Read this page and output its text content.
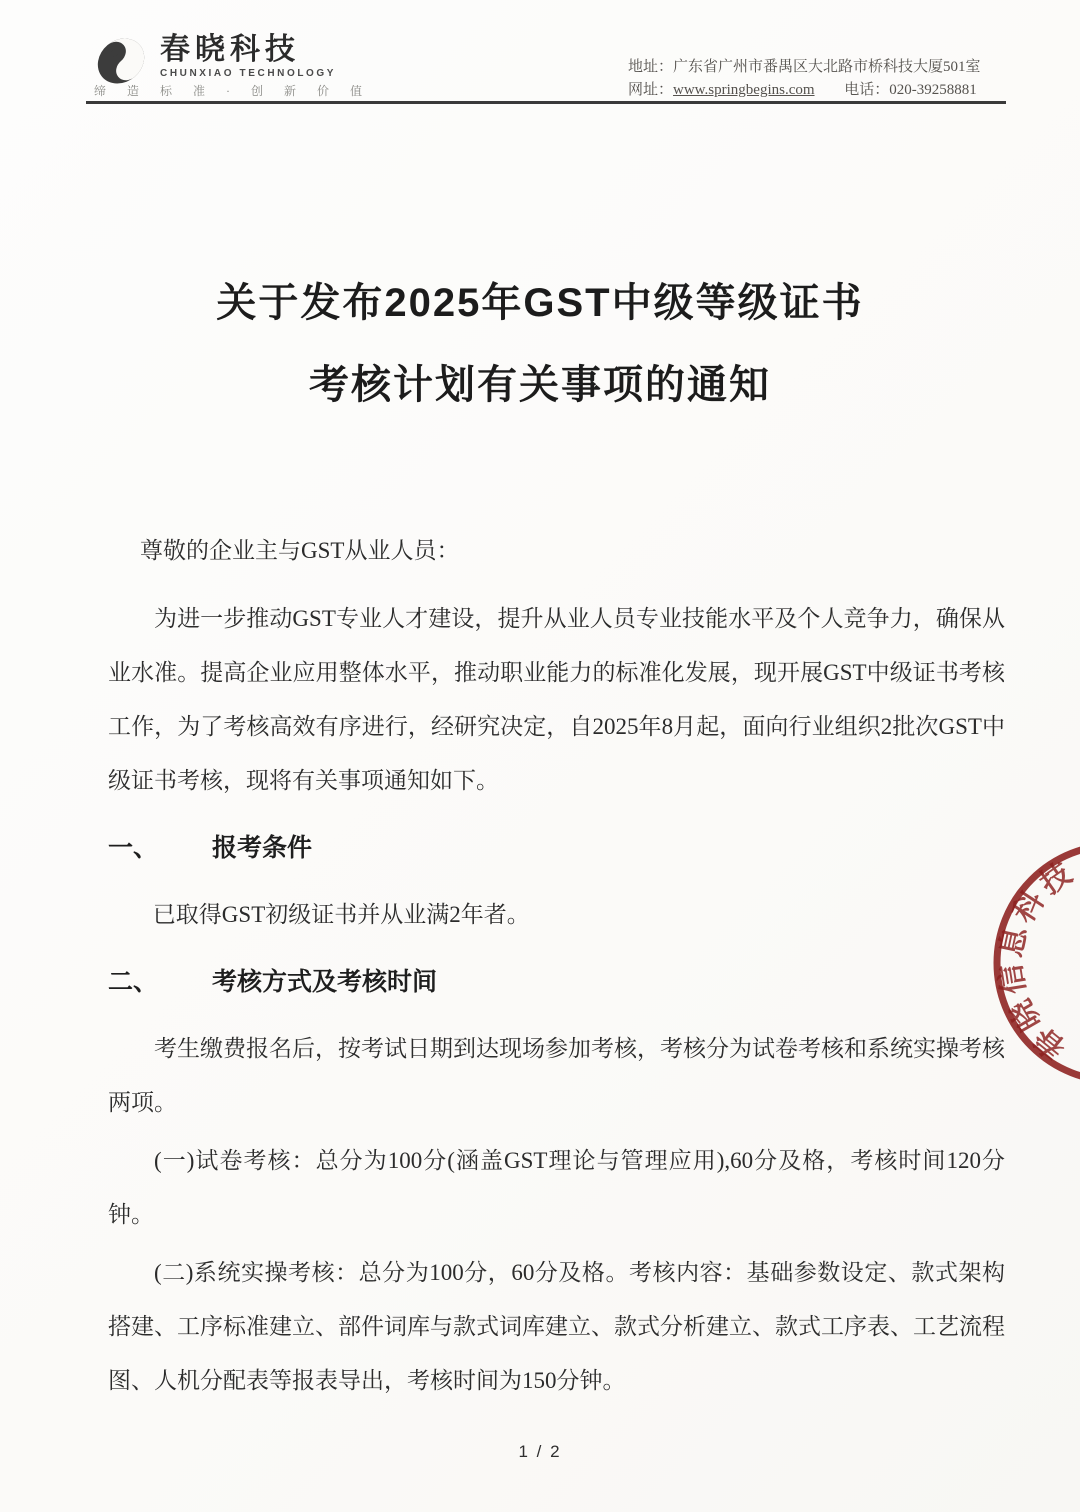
春晓科技
CHUNXIAO TECHNOLOGY
缔 造 标 准 · 创 新 价 值
地址：广东省广州市番禺区大北路市桥科技大厦501室
网址：www.springbegins.com 电话：020-39258881
关于发布2025年GST中级等级证书
考核计划有关事项的通知

尊敬的企业主与GST从业人员：

为进一步推动GST专业人才建设，提升从业人员专业技能水平及个人竞争力，确保从业水准。提高企业应用整体水平，推动职业能力的标准化发展，现开展GST中级证书考核工作，为了考核高效有序进行，经研究决定，自2025年8月起，面向行业组织2批次GST中级证书考核，现将有关事项通知如下。

一、	报考条件

已取得GST初级证书并从业满2年者。

二、	考核方式及考核时间

考生缴费报名后，按考试日期到达现场参加考核，考核分为试卷考核和系统实操考核两项。

(一)试卷考核：总分为100分(涵盖GST理论与管理应用),60分及格，考核时间120分钟。

(二)系统实操考核：总分为100分，60分及格。考核内容：基础参数设定、款式架构搭建、工序标准建立、部件词库与款式词库建立、款式分析建立、款式工序表、工艺流程图、人机分配表等报表导出，考核时间为150分钟。

技
科
息
信
晓
春
1 / 2
